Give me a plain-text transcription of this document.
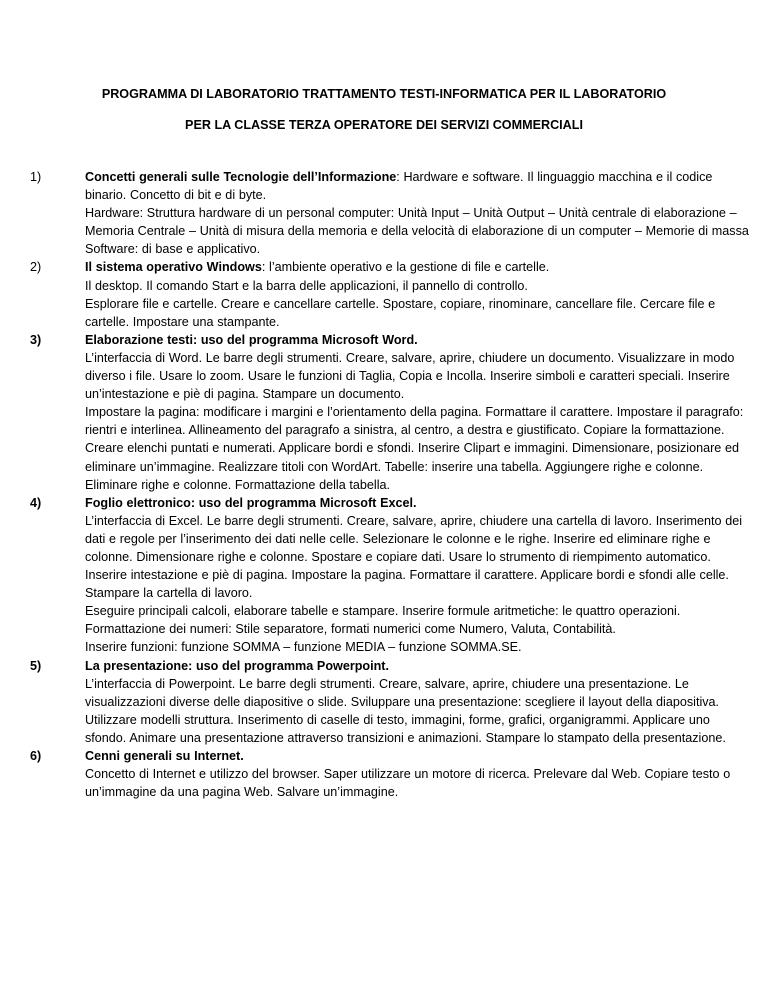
PROGRAMMA DI LABORATORIO TRATTAMENTO TESTI-INFORMATICA PER IL LABORATORIO
PER LA CLASSE TERZA OPERATORE DEI SERVIZI COMMERCIALI
1)	Concetti generali sulle Tecnologie dell’Informazione: Hardware e software. Il linguaggio macchina e il codice binario. Concetto di bit e di byte.
Hardware: Struttura hardware di un personal computer: Unità Input – Unità Output – Unità centrale di elaborazione – Memoria Centrale – Unità di misura della memoria e della velocità di elaborazione di un computer – Memorie di massa
Software: di base e applicativo.
2)	Il sistema operativo Windows: l’ambiente operativo e la gestione di file e cartelle.
Il desktop. Il comando Start e la barra delle applicazioni, il pannello di controllo.
Esplorare file e cartelle. Creare e cancellare cartelle. Spostare, copiare, rinominare, cancellare file. Cercare file e cartelle. Impostare una stampante.
3)	Elaborazione testi: uso del programma Microsoft Word.
L’interfaccia di Word. Le barre degli strumenti. Creare, salvare, aprire, chiudere un documento. Visualizzare in modo diverso i file. Usare lo zoom. Usare le funzioni di Taglia, Copia e Incolla. Inserire simboli e caratteri speciali. Inserire un’intestazione e piè di pagina. Stampare un documento.
Impostare la pagina: modificare i margini e l’orientamento della pagina. Formattare il carattere. Impostare il paragrafo: rientri e interlinea. Allineamento del paragrafo a sinistra, al centro, a destra e giustificato. Copiare la formattazione. Creare elenchi puntati e numerati. Applicare bordi e sfondi. Inserire Clipart e immagini. Dimensionare, posizionare ed eliminare un’immagine. Realizzare titoli con WordArt. Tabelle: inserire una tabella. Aggiungere righe e colonne. Eliminare righe e colonne. Formattazione della tabella.
4)	Foglio elettronico: uso del programma Microsoft Excel.
L’interfaccia di Excel. Le barre degli strumenti. Creare, salvare, aprire, chiudere una cartella di lavoro. Inserimento dei dati e regole per l’inserimento dei dati nelle celle. Selezionare le colonne e le righe. Inserire ed eliminare righe e colonne. Dimensionare righe e colonne. Spostare e copiare dati. Usare lo strumento di riempimento automatico.
Inserire intestazione e piè di pagina. Impostare la pagina. Formattare il carattere. Applicare bordi e sfondi alle celle. Stampare la cartella di lavoro.
Eseguire principali calcoli, elaborare tabelle e stampare. Inserire formule aritmetiche: le quattro operazioni. Formattazione dei numeri: Stile separatore, formati numerici come Numero, Valuta, Contabilità.
Inserire funzioni: funzione SOMMA – funzione MEDIA – funzione SOMMA.SE.
5)	La presentazione: uso del programma Powerpoint.
L’interfaccia di Powerpoint. Le barre degli strumenti. Creare, salvare, aprire, chiudere una presentazione. Le visualizzazioni diverse delle diapositive o slide. Sviluppare una presentazione: scegliere il layout della diapositiva. Utilizzare modelli struttura. Inserimento di caselle di testo, immagini, forme, grafici, organigrammi. Applicare uno sfondo. Animare una presentazione attraverso transizioni e animazioni. Stampare lo stampato della presentazione.
6)	Cenni generali su Internet.
Concetto di Internet e utilizzo del browser. Saper utilizzare un motore di ricerca. Prelevare dal Web. Copiare testo o un’immagine da una pagina Web. Salvare un’immagine.
